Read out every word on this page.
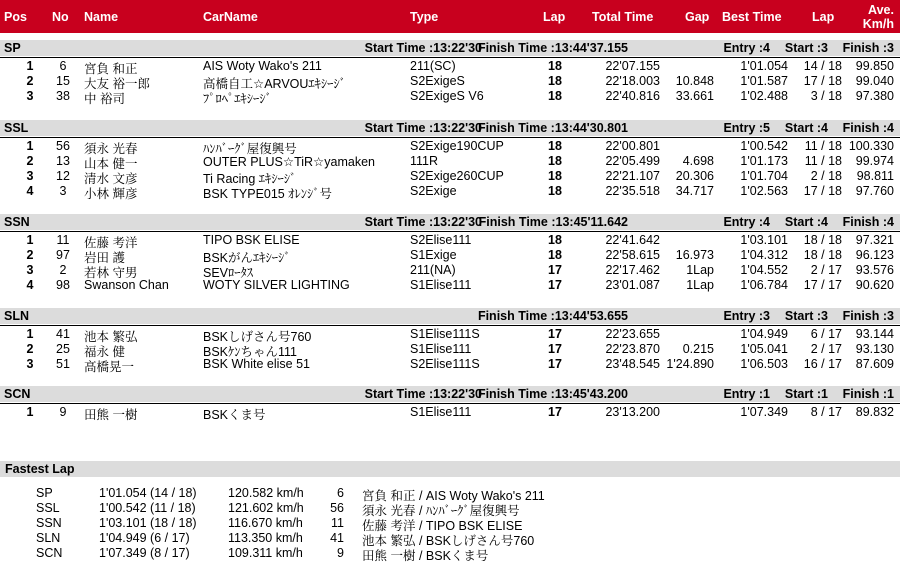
Pos No Name	CarName	Type	Lap Total Time	Gap Best Time Lap	Ave.
Km/h
SP	Start Time :13:22'30
Finish Time :13:44'37.155	Entry :4 Start :3 Finish :3
1	6	宮負 和正	AIS Woty Wako's 211	211(SC)	18	22'07.155	1'01.054 14 / 18 99.850
2	15	大友 裕一郎	高橋自工☆ARVOUｴｷｼｰｼﾞ	S2ExigeS	18	22'18.003 10.848 1'01.587 17 / 18 99.040
3	38	中 裕司	ﾌﾟﾛﾍﾟｴｷｼｰｼﾞ	S2ExigeS V6	18	22'40.816 33.661 1'02.488 3 / 18 97.380
SSL	Start Time :13:22'30
Finish Time :13:44'30.801	Entry :5 Start :4 Finish :4
1	56	須永 光春	ﾊﾝﾊﾞｰｸﾞ屋復興号	S2Exige190CUP	18	22'00.801	1'00.542 11 / 18 100.330
2	13	山本 健一	OUTER PLUS☆TiR☆yamaken	111R	18	22'05.499 4.698 1'01.173 11 / 18 99.974
3	12	清水 文彦	Ti Racing ｴｷｼｰｼﾞ	S2Exige260CUP	18	22'21.107 20.306 1'01.704 2 / 18 98.811
4	3	小林 輝彦	BSK TYPE015 ｵﾚﾝｼﾞ号	S2Exige	18	22'35.518 34.717 1'02.563 17 / 18 97.760
SSN	Start Time :13:22'30
Finish Time :13:45'11.642	Entry :4 Start :4 Finish :4
1	11	佐藤 考洋	TIPO BSK ELISE	S2Elise111	18	22'41.642	1'03.101 18 / 18 97.321
2	97	岩田 護	BSKがんｴｷｼｰｼﾞ	S1Exige	18	22'58.615 16.973 1'04.312 18 / 18 96.123
3	2	若林 守男	SEVﾛｰﾀｽ	211(NA)	17	22'17.462 1Lap 1'04.552 2 / 17 93.576
4	98	Swanson Chan	WOTY SILVER LIGHTING	S1Elise111	17	23'01.087 1Lap 1'06.784 17 / 17 90.620
SLN	Finish Time :13:44'53.655	Entry :3 Start :3 Finish :3
1	41	池本 繁弘	BSKしげさん号760	S1Elise111S	17	22'23.655	1'04.949 6 / 17 93.144
2	25	福永 健	BSKｹﾝちゃん111	S1Elise111	17	22'23.870 0.215 1'05.041 2 / 17 93.130
3	51	高橋晃一	BSK White elise 51	S2Elise111S	17	23'48.545 1'24.890 1'06.503 16 / 17 87.609
SCN	Start Time :13:22'30
Finish Time :13:45'43.200	Entry :1 Start :1 Finish :1
1	9	田熊 一樹	BSKくま号	S1Elise111	17	23'13.200	1'07.349 8 / 17 89.832
Fastest Lap
SP	1'01.054 (14 / 18)	120.582 km/h	6 宮負 和正 / AIS Woty Wako's 211
SSL	1'00.542 (11 / 18)	121.602 km/h	56 須永 光春 / ﾊﾝﾊﾞｰｸﾞ屋復興号
SSN	1'03.101 (18 / 18)	116.670 km/h	11 佐藤 考洋 / TIPO BSK ELISE
SLN	1'04.949 (6 / 17)	113.350 km/h	41 池本 繁弘 / BSKしげさん号760
SCN	1'07.349 (8 / 17)	109.311 km/h	9 田熊 一樹 / BSKくま号
